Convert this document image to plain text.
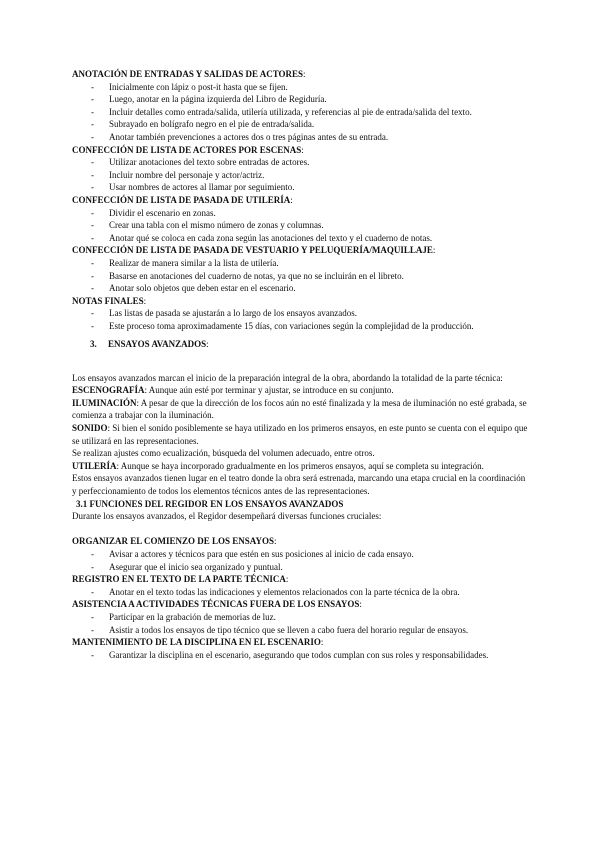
ANOTACIÓN DE ENTRADAS Y SALIDAS DE ACTORES:
- Inicialmente con lápiz o post-it hasta que se fijen.
- Luego, anotar en la página izquierda del Libro de Regiduría.
- Incluir detalles como entrada/salida, utilería utilizada, y referencias al pie de entrada/salida del texto.
- Subrayado en bolígrafo negro en el pie de entrada/salida.
- Anotar también prevenciones a actores dos o tres páginas antes de su entrada.
CONFECCIÓN DE LISTA DE ACTORES POR ESCENAS:
- Utilizar anotaciones del texto sobre entradas de actores.
- Incluir nombre del personaje y actor/actriz.
- Usar nombres de actores al llamar por seguimiento.
CONFECCIÓN DE LISTA DE PASADA DE UTILERÍA:
- Dividir el escenario en zonas.
- Crear una tabla con el mismo número de zonas y columnas.
- Anotar qué se coloca en cada zona según las anotaciones del texto y el cuaderno de notas.
CONFECCIÓN DE LISTA DE PASADA DE VESTUARIO Y PELUQUERÍA/MAQUILLAJE:
- Realizar de manera similar a la lista de utilería.
- Basarse en anotaciones del cuaderno de notas, ya que no se incluirán en el libreto.
- Anotar solo objetos que deben estar en el escenario.
NOTAS FINALES:
- Las listas de pasada se ajustarán a lo largo de los ensayos avanzados.
- Este proceso toma aproximadamente 15 días, con variaciones según la complejidad de la producción.
3. ENSAYOS AVANZADOS:
Los ensayos avanzados marcan el inicio de la preparación integral de la obra, abordando la totalidad de la parte técnica:
ESCENOGRAFÍA: Aunque aún esté por terminar y ajustar, se introduce en su conjunto.
ILUMINACIÓN: A pesar de que la dirección de los focos aún no esté finalizada y la mesa de iluminación no esté grabada, se comienza a trabajar con la iluminación.
SONIDO: Si bien el sonido posiblemente se haya utilizado en los primeros ensayos, en este punto se cuenta con el equipo que se utilizará en las representaciones.
Se realizan ajustes como ecualización, búsqueda del volumen adecuado, entre otros.
UTILERÍA: Aunque se haya incorporado gradualmente en los primeros ensayos, aquí se completa su integración.
Estos ensayos avanzados tienen lugar en el teatro donde la obra será estrenada, marcando una etapa crucial en la coordinación y perfeccionamiento de todos los elementos técnicos antes de las representaciones.
3.1 FUNCIONES DEL REGIDOR EN LOS ENSAYOS AVANZADOS
Durante los ensayos avanzados, el Regidor desempeñará diversas funciones cruciales:
ORGANIZAR EL COMIENZO DE LOS ENSAYOS:
- Avisar a actores y técnicos para que estén en sus posiciones al inicio de cada ensayo.
- Asegurar que el inicio sea organizado y puntual.
REGISTRO EN EL TEXTO DE LA PARTE TÉCNICA:
- Anotar en el texto todas las indicaciones y elementos relacionados con la parte técnica de la obra.
ASISTENCIA A ACTIVIDADES TÉCNICAS FUERA DE LOS ENSAYOS:
- Participar en la grabación de memorias de luz.
- Asistir a todos los ensayos de tipo técnico que se lleven a cabo fuera del horario regular de ensayos.
MANTENIMIENTO DE LA DISCIPLINA EN EL ESCENARIO:
- Garantizar la disciplina en el escenario, asegurando que todos cumplan con sus roles y responsabilidades.
